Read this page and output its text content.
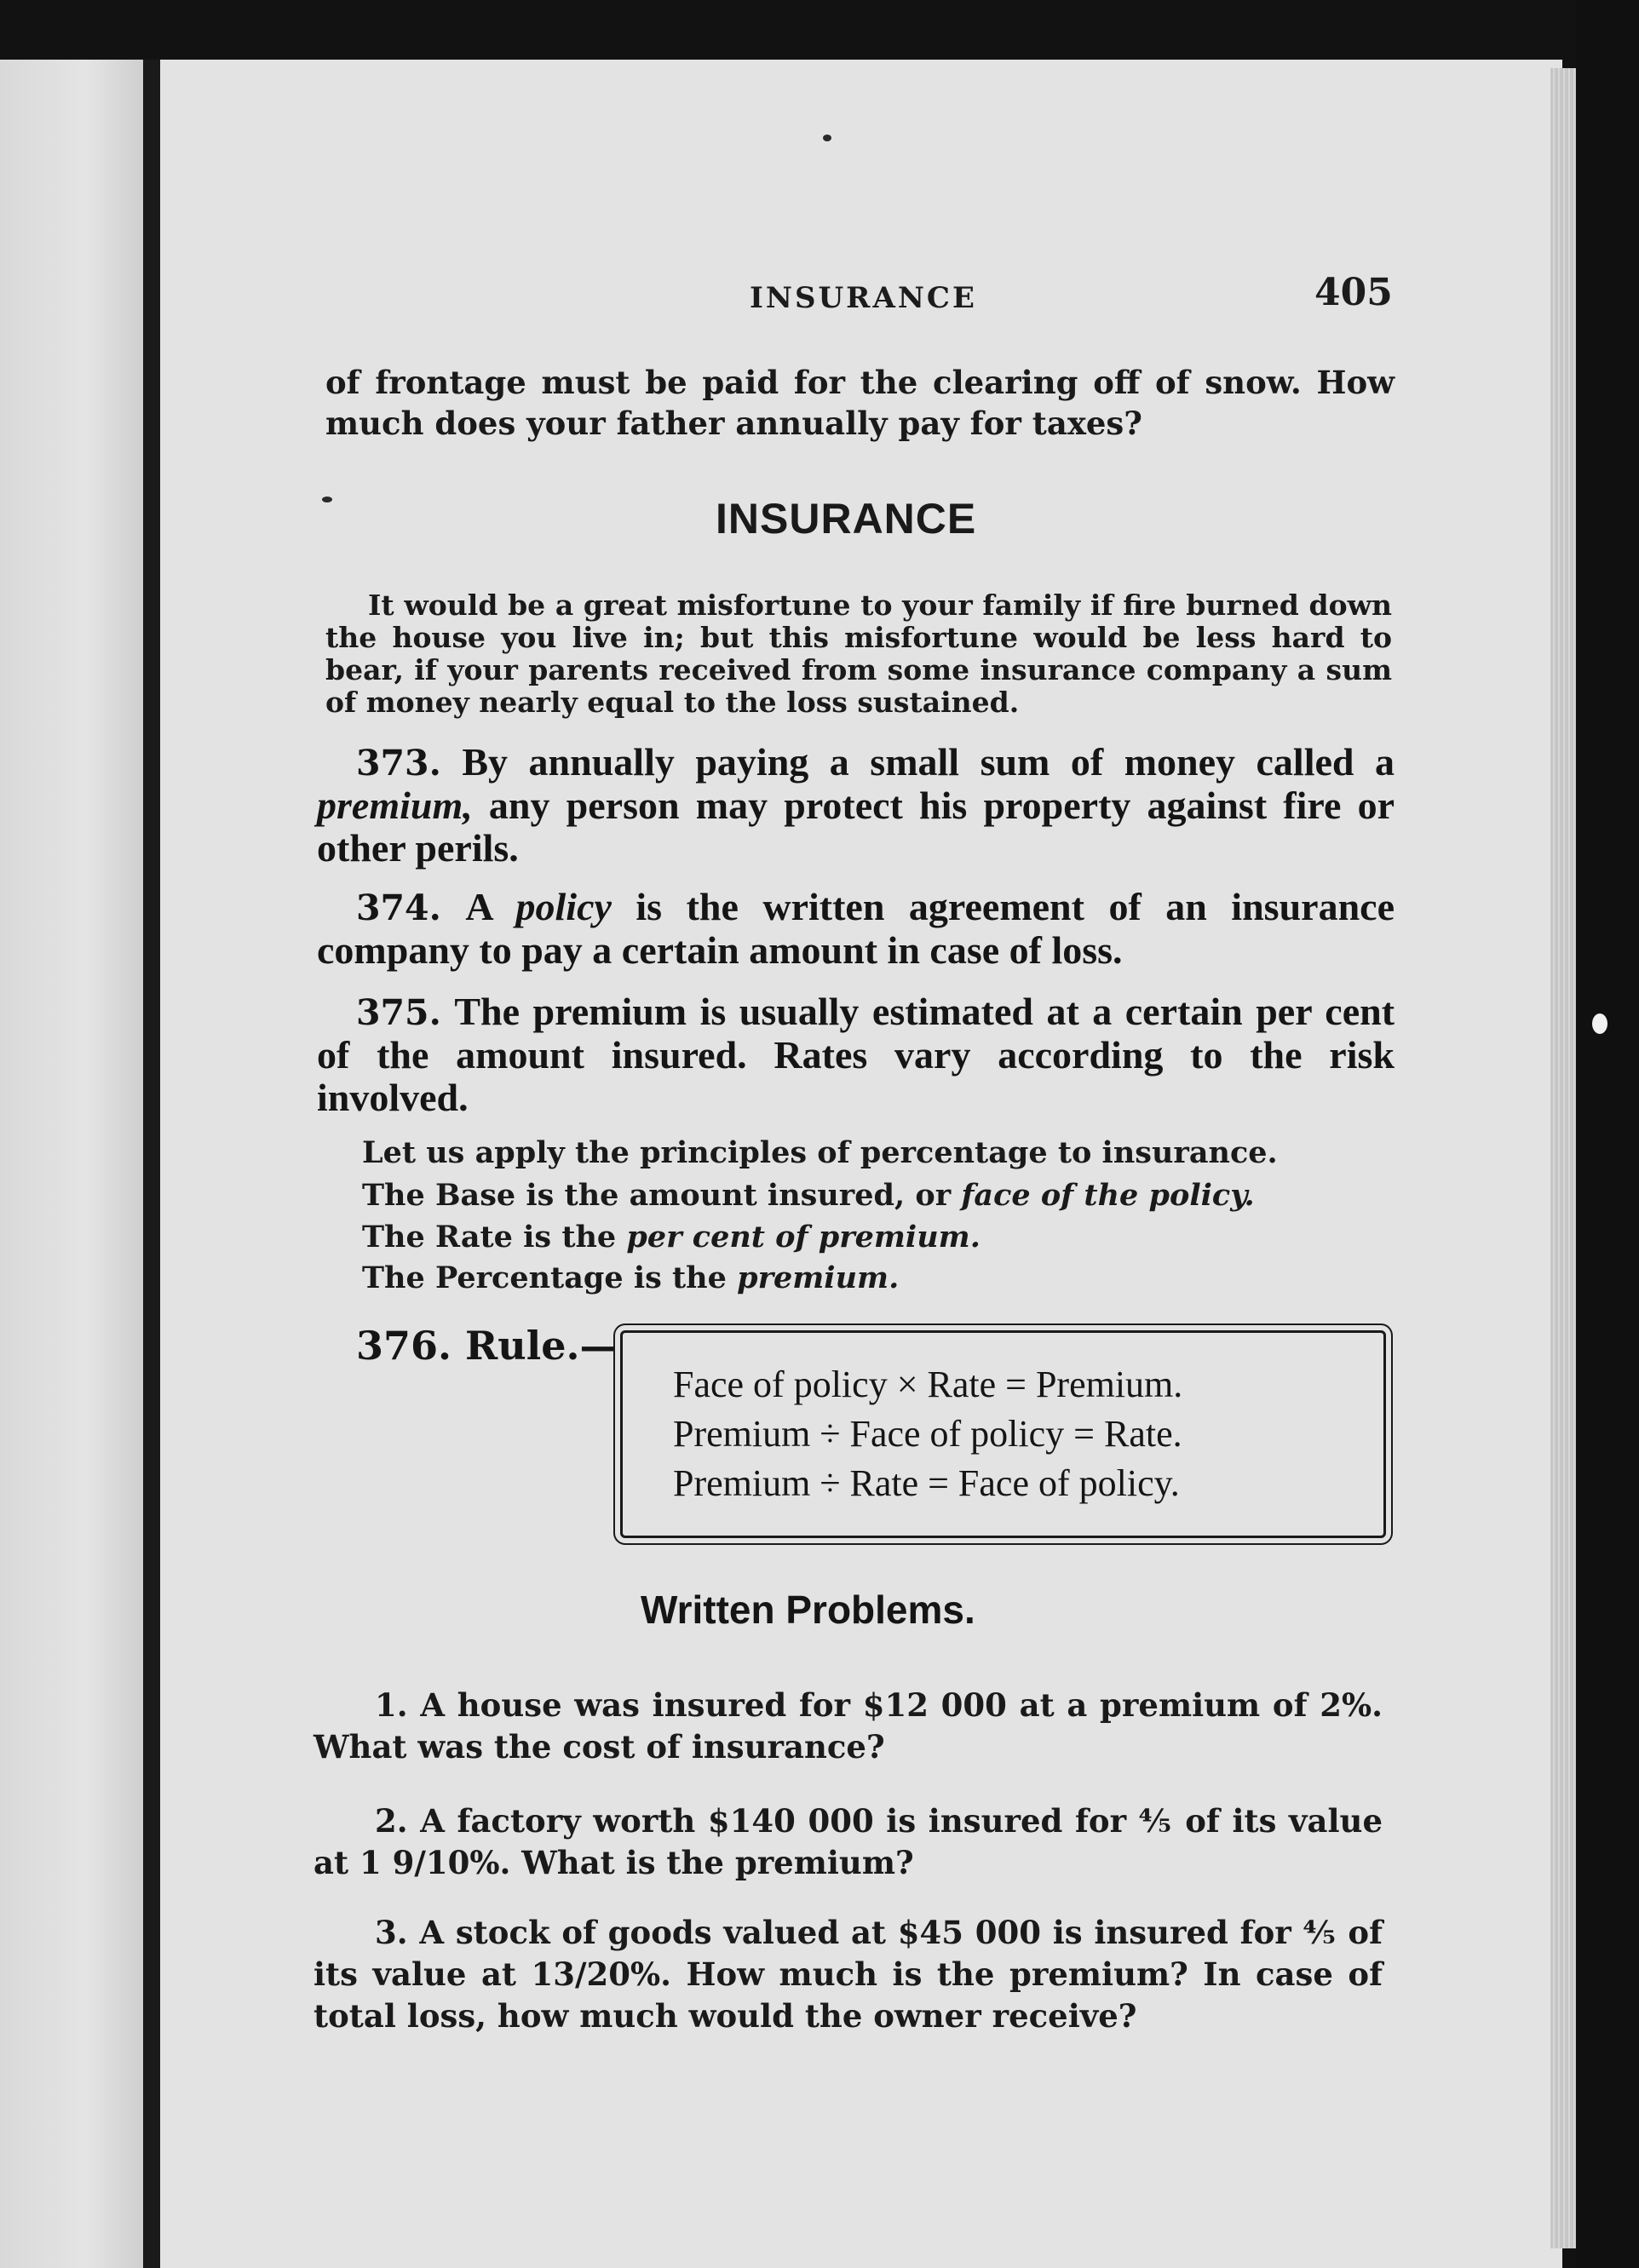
INSURANCE	405
of frontage must be paid for the clearing off of snow. How much does your father annually pay for taxes?
INSURANCE
It would be a great misfortune to your family if fire burned down the house you live in; but this misfortune would be less hard to bear, if your parents received from some insurance company a sum of money nearly equal to the loss sustained.
373. By annually paying a small sum of money called a premium, any person may protect his property against fire or other perils.
374. A policy is the written agreement of an insurance company to pay a certain amount in case of loss.
375. The premium is usually estimated at a certain per cent of the amount insured. Rates vary according to the risk involved.
Let us apply the principles of percentage to insurance.
The Base is the amount insured, or face of the policy.
The Rate is the per cent of premium.
The Percentage is the premium.
376. Rule.—
Face of policy × Rate = Premium.
Premium ÷ Face of policy = Rate.
Premium ÷ Rate = Face of policy.
Written Problems.
1. A house was insured for $12 000 at a premium of 2%. What was the cost of insurance?
2. A factory worth $140 000 is insured for ⅘ of its value at 1 9/10%. What is the premium?
3. A stock of goods valued at $45 000 is insured for ⅘ of its value at 13/20%. How much is the premium? In case of total loss, how much would the owner receive?
